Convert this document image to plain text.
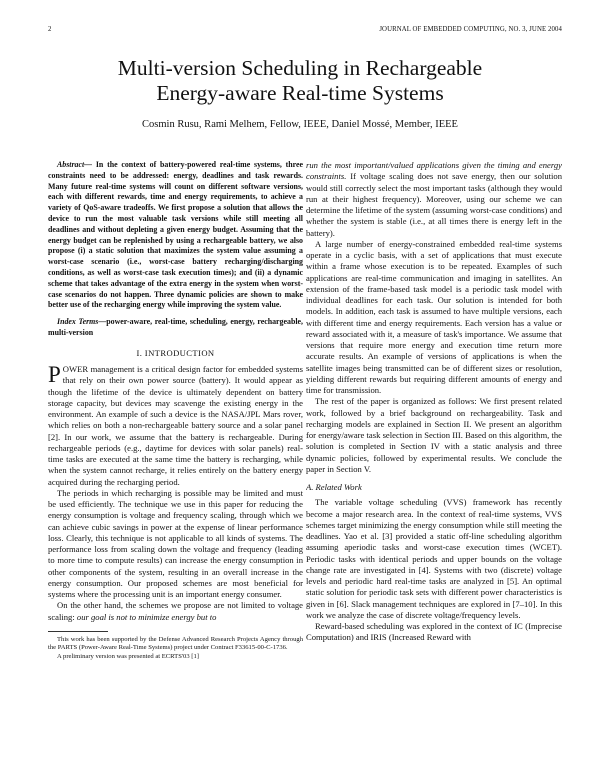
2	JOURNAL OF EMBEDDED COMPUTING, NO. 3, JUNE 2004
Multi-version Scheduling in Rechargeable
Energy-aware Real-time Systems
Cosmin Rusu, Rami Melhem, Fellow, IEEE, Daniel Mossé, Member, IEEE

Abstract— In the context of battery-powered real-time systems, three constraints need to be addressed: energy, deadlines and task rewards. Many future real-time systems will count on different software versions, each with different rewards, time and energy requirements, to achieve a variety of QoS-aware tradeoffs. We first propose a solution that allows the device to run the most valuable task versions while still meeting all deadlines and without depleting a given energy budget. Assuming that the energy budget can be replenished by using a rechargeable battery, we also propose (i) a static solution that maximizes the system value assuming a worst-case scenario (i.e., worst-case battery recharging/discharging conditions, as well as worst-case task execution times); and (ii) a dynamic scheme that takes advantage of the extra energy in the system when worst-case scenarios do not happen. Three dynamic policies are shown to make better use of the recharging energy while improving the system value.

Index Terms—power-aware, real-time, scheduling, energy, rechargeable, multi-version

I. INTRODUCTION

POWER management is a critical design factor for embedded systems that rely on their own power source (battery). It would appear as though the lifetime of the device is ultimately dependent on battery storage capacity, but devices may scavenge the existing energy in the environment. An example of such a device is the NASA/JPL Mars rover, which relies on both a non-rechargeable battery source and a solar panel [2]. In our work, we assume that the battery is rechargeable. During rechargeable periods (e.g., daytime for devices with solar panels) real-time tasks are executed at the same time the battery is recharging, while when the system cannot recharge, it relies entirely on the battery energy acquired during the recharging period.

The periods in which recharging is possible may be limited and must be used efficiently. The technique we use in this paper for reducing the energy consumption is voltage and frequency scaling, through which we can achieve cubic savings in power at the expense of linear performance loss. Clearly, this technique is not applicable to all kinds of systems. The performance loss from scaling down the voltage and frequency (leading to more time to compute results) can increase the energy consumption in other components of the system, resulting in an overall increase in the energy consumption. Our proposed schemes are most beneficial for systems where the processing unit is an important energy consumer.

On the other hand, the schemes we propose are not limited to voltage scaling: our goal is not to minimize energy but to

This work has been supported by the Defense Advanced Research Projects Agency through the PARTS (Power-Aware Real-Time Systems) project under Contract F33615-00-C-1736.

A preliminary version was presented at ECRTS'03 [1]

run the most important/valued applications given the timing and energy constraints. If voltage scaling does not save energy, then our solution would still correctly select the most important tasks (although they would run at their highest frequency). Moreover, using our scheme we can determine the lifetime of the system (assuming worst-case conditions) and whether the system is stable (i.e., at all times there is energy left in the battery).

A large number of energy-constrained embedded real-time systems operate in a cyclic basis, with a set of applications that must execute within a frame whose execution is to be repeated. Examples of such applications are real-time communication and imaging in satellites. An extension of the frame-based task model is a periodic task model with individual deadlines for each task. Our solution is intended for both models. In addition, each task is assumed to have multiple versions, each with different time and energy requirements. Each version has a value or reward associated with it, a measure of task's importance. We assume that versions that require more energy and execution time return more accurate results. An example of versions of applications is when the satellite images being transmitted can be of different sizes or resolution, yielding different rewards but requiring different amounts of energy and time for transmission.

The rest of the paper is organized as follows: We first present related work, followed by a brief background on rechargeability. Task and recharging models are explained in Section II. We present an algorithm for energy/aware task selection in Section III. Based on this algorithm, the solution is completed in Section IV with a static analysis and three dynamic policies, followed by experimental results. We conclude the paper in Section V.

A. Related Work

The variable voltage scheduling (VVS) framework has recently become a major research area. In the context of real-time systems, VVS schemes target minimizing the energy consumption while still meeting the deadlines. Yao et al. [3] provided a static off-line scheduling algorithm assuming aperiodic tasks and worst-case execution times (WCET). Periodic tasks with identical periods and upper bounds on the voltage change rate are investigated in [4]. Systems with two (discrete) voltage levels and periodic hard real-time tasks are analyzed in [5]. An optimal static solution for periodic task sets with different power characteristics is given in [6]. Slack management techniques are explored in [7–10]. In this work we analyze the case of discrete voltage/frequency levels.

Reward-based scheduling was explored in the context of IC (Imprecise Computation) and IRIS (Increased Reward with
